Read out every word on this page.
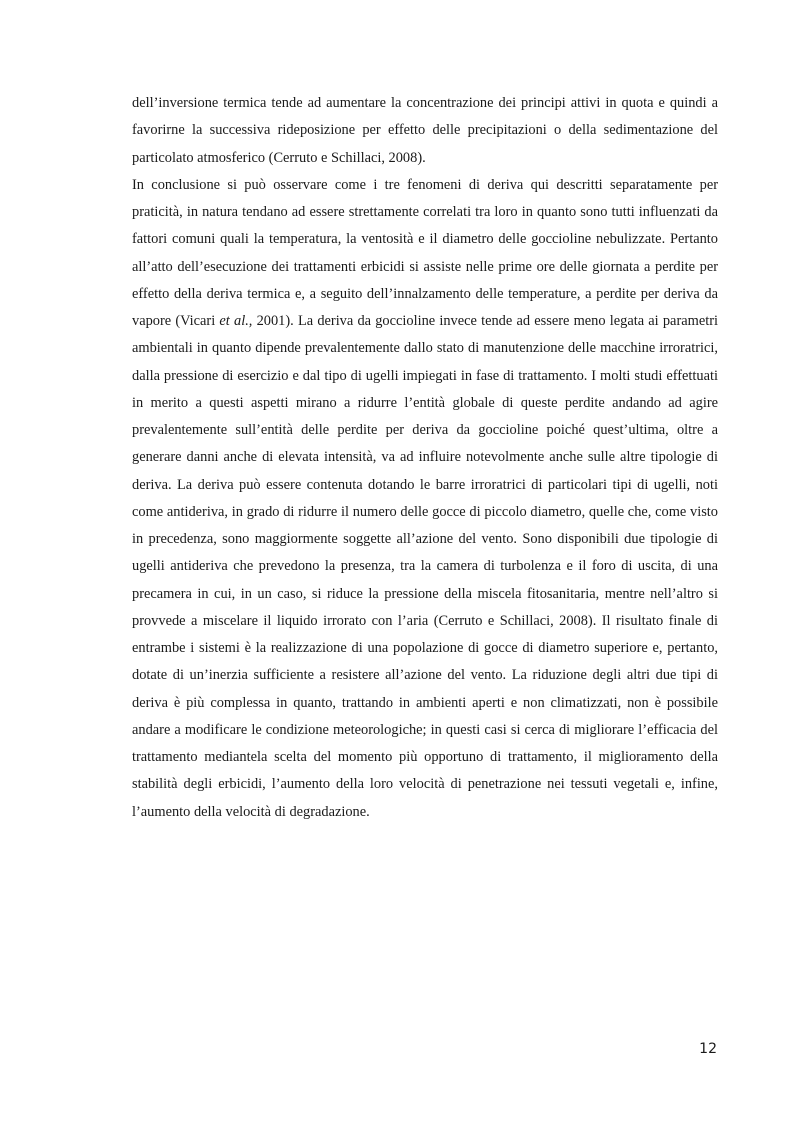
dell’inversione termica tende ad aumentare la concentrazione dei principi attivi in quota e quindi a favorirne la successiva rideposizione per effetto delle precipitazioni o della sedimentazione del particolato atmosferico (Cerruto e Schillaci, 2008).

In conclusione si può osservare come i tre fenomeni di deriva qui descritti separatamente per praticità, in natura tendano ad essere strettamente correlati tra loro in quanto sono tutti influenzati da fattori comuni quali la temperatura, la ventosità e il diametro delle goccioline nebulizzate. Pertanto all’atto dell’esecuzione dei trattamenti erbicidi si assiste nelle prime ore delle giornata a perdite per effetto della deriva termica e, a seguito dell’innalzamento delle temperature, a perdite per deriva da vapore (Vicari et al., 2001). La deriva da goccioline invece tende ad essere meno legata ai parametri ambientali in quanto dipende prevalentemente dallo stato di manutenzione delle macchine irroratrici, dalla pressione di esercizio e dal tipo di ugelli impiegati in fase di trattamento. I molti studi effettuati in merito a questi aspetti mirano a ridurre l’entità globale di queste perdite andando ad agire prevalentemente sull’entità delle perdite per deriva da goccioline poiché quest’ultima, oltre a generare danni anche di elevata intensità, va ad influire notevolmente anche sulle altre tipologie di deriva. La deriva può essere contenuta dotando le barre irroratrici di particolari tipi di ugelli, noti come antideriva, in grado di ridurre il numero delle gocce di piccolo diametro, quelle che, come visto in precedenza, sono maggiormente soggette all’azione del vento. Sono disponibili due tipologie di ugelli antideriva che prevedono la presenza, tra la camera di turbolenza e il foro di uscita, di una precamera in cui, in un caso, si riduce la pressione della miscela fitosanitaria, mentre nell’altro si provvede a miscelare il liquido irrorato con l’aria (Cerruto e Schillaci, 2008). Il risultato finale di entrambe i sistemi è la realizzazione di una popolazione di gocce di diametro superiore e, pertanto, dotate di un’inerzia sufficiente a resistere all’azione del vento. La riduzione degli altri due tipi di deriva è più complessa in quanto, trattando in ambienti aperti e non climatizzati, non è possibile andare a modificare le condizione meteorologiche; in questi casi si cerca di migliorare l’efficacia del trattamento mediantela scelta del momento più opportuno di trattamento, il miglioramento della stabilità degli erbicidi, l’aumento della loro velocità di penetrazione nei tessuti vegetali e, infine, l’aumento della velocità di degradazione.

12
